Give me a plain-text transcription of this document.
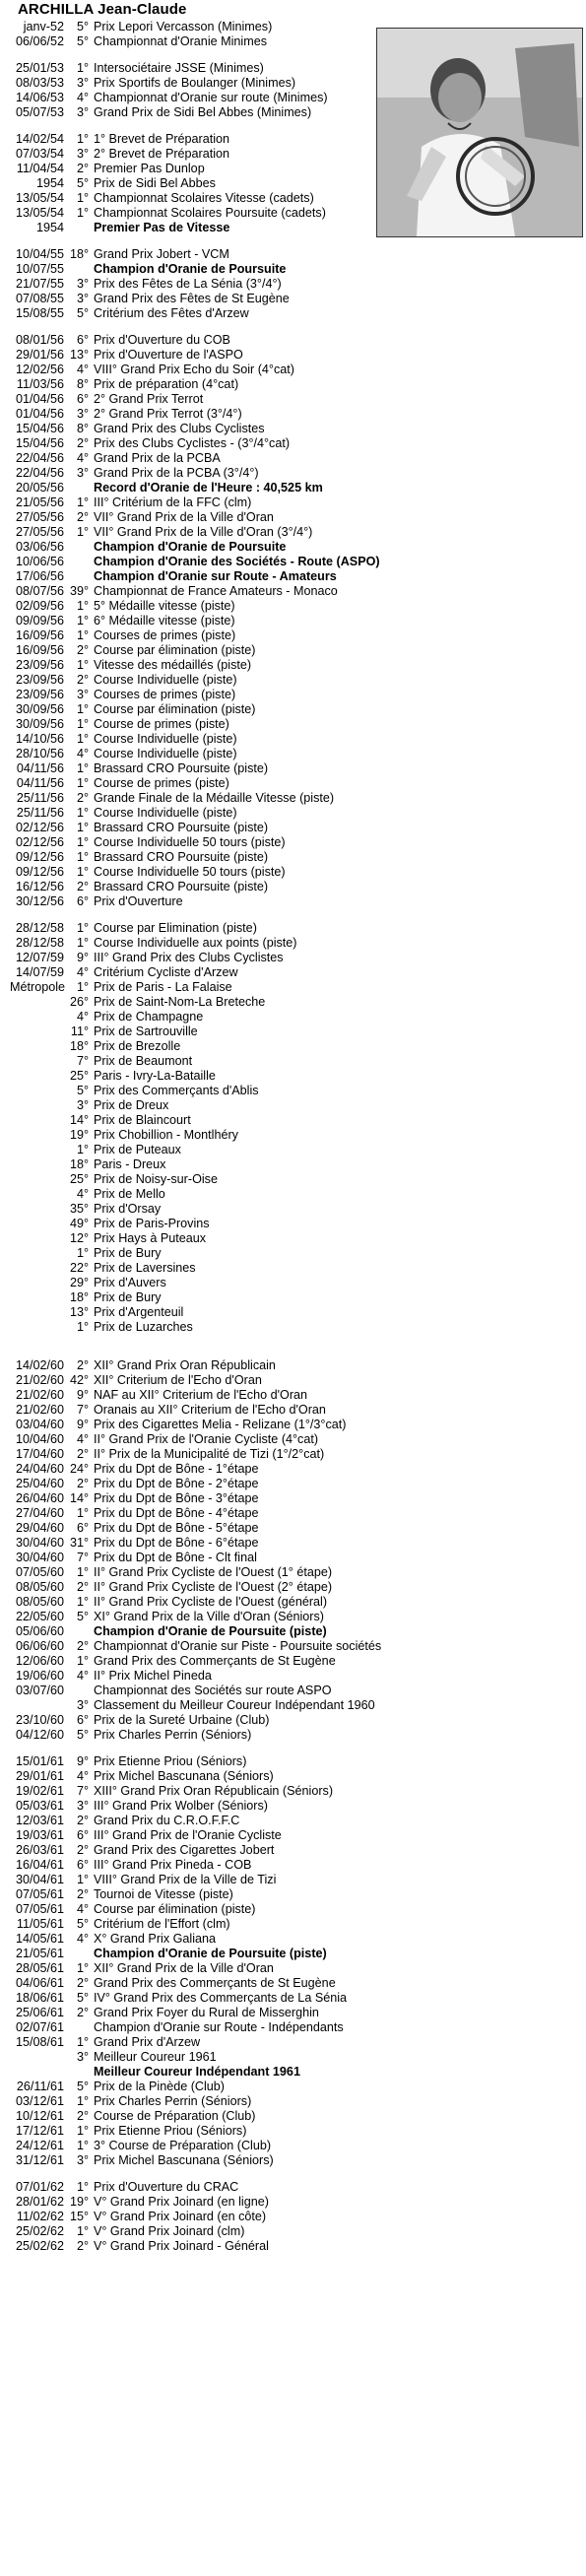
ARCHILLA Jean-Claude
janv-52	5° Prix Lepori Vercasson (Minimes)
06/06/52	5° Championnat d'Oranie Minimes
25/01/53	1° Intersociétaire JSSE (Minimes)
08/03/53	3° Prix Sportifs de Boulanger (Minimes)
14/06/53	4° Championnat d'Oranie sur route (Minimes)
05/07/53	3° Grand Prix de Sidi Bel Abbes (Minimes)
14/02/54	1° 1° Brevet de Préparation
07/03/54	3° 2° Brevet de Préparation
11/04/54	2° Premier Pas Dunlop
1954	5° Prix de Sidi Bel Abbes
13/05/54	1° Championnat Scolaires Vitesse (cadets)
13/05/54	1° Championnat Scolaires Poursuite (cadets)
1954 Premier Pas de Vitesse
10/04/55 18° Grand Prix Jobert - VCM
10/07/55 Champion d'Oranie de Poursuite
21/07/55	3° Prix des Fêtes de La Sénia (3°/4°)
07/08/55	3° Grand Prix des Fêtes de St Eugène
15/08/55	5° Critérium des Fêtes d'Arzew
08/01/56	6° Prix d'Ouverture du COB
29/01/56 13° Prix d'Ouverture de l'ASPO
12/02/56	4° VIII° Grand Prix Echo du Soir (4°cat)
11/03/56	8° Prix de préparation (4°cat)
01/04/56	6° 2° Grand Prix Terrot
01/04/56	3° 2° Grand Prix Terrot (3°/4°)
15/04/56	8° Grand Prix des Clubs Cyclistes
15/04/56	2° Prix des Clubs Cyclistes - (3°/4°cat)
22/04/56	4° Grand Prix de la PCBA
22/04/56	3° Grand Prix de la PCBA (3°/4°)
20/05/56 Record d'Oranie de l'Heure : 40,525 km
21/05/56	1° III° Critérium de la FFC (clm)
27/05/56	2° VII° Grand Prix de la Ville d'Oran
27/05/56	1° VII° Grand Prix de la Ville d'Oran (3°/4°)
03/06/56 Champion d'Oranie de Poursuite
10/06/56 Champion d'Oranie des Sociétés - Route (ASPO)
17/06/56 Champion d'Oranie sur Route - Amateurs
08/07/56 39° Championnat de France Amateurs - Monaco
02/09/56	1° 5° Médaille vitesse (piste)
09/09/56	1° 6° Médaille vitesse (piste)
16/09/56	1° Courses de primes (piste)
16/09/56	2° Course par élimination (piste)
23/09/56	1° Vitesse des médaillés (piste)
23/09/56	2° Course Individuelle (piste)
23/09/56	3° Courses de primes (piste)
30/09/56	1° Course par élimination (piste)
30/09/56	1° Course de primes (piste)
14/10/56	1° Course Individuelle (piste)
28/10/56	4° Course Individuelle (piste)
04/11/56	1° Brassard CRO Poursuite (piste)
04/11/56	1° Course de primes (piste)
25/11/56	2° Grande Finale de la Médaille Vitesse (piste)
25/11/56	1° Course Individuelle (piste)
02/12/56	1° Brassard CRO Poursuite (piste)
02/12/56	1° Course Individuelle 50 tours (piste)
09/12/56	1° Brassard CRO Poursuite (piste)
09/12/56	1° Course Individuelle 50 tours (piste)
16/12/56	2° Brassard CRO Poursuite (piste)
30/12/56	6° Prix d'Ouverture
28/12/58	1° Course par Elimination (piste)
28/12/58	1° Course Individuelle aux points (piste)
12/07/59	9° III° Grand Prix des Clubs Cyclistes
14/07/59	4° Critérium Cycliste d'Arzew
Métropole 1° Prix de Paris - La Falaise
26° Prix de Saint-Nom-La Breteche
4° Prix de Champagne
11° Prix de Sartrouville
18° Prix de Brezolle
7° Prix de Beaumont
25° Paris - Ivry-La-Bataille
5° Prix des Commerçants d'Ablis
3° Prix de Dreux
14° Prix de Blaincourt
19° Prix Chobillion - Montlhéry
1° Prix de Puteaux
18° Paris - Dreux
25° Prix de Noisy-sur-Oise
4° Prix de Mello
35° Prix d'Orsay
49° Prix de Paris-Provins
12° Prix Hays à Puteaux
1° Prix de Bury
22° Prix de Laversines
29° Prix d'Auvers
18° Prix de Bury
13° Prix d'Argenteuil
1° Prix de Luzarches
14/02/60	2° XII° Grand Prix Oran Républicain
21/02/60 42° XII° Criterium de l'Echo d'Oran
21/02/60	9° NAF au XII° Criterium de l'Echo d'Oran
21/02/60	7° Oranais au XII° Criterium de l'Echo d'Oran
03/04/60	9° Prix des Cigarettes Melia - Relizane (1°/3°cat)
10/04/60	4° II° Grand Prix de l'Oranie Cycliste (4°cat)
17/04/60	2° II° Prix de la Municipalité de Tizi (1°/2°cat)
24/04/60 24° Prix du Dpt de Bône - 1°étape
25/04/60	2° Prix du Dpt de Bône - 2°étape
26/04/60 14° Prix du Dpt de Bône - 3°étape
27/04/60	1° Prix du Dpt de Bône - 4°étape
29/04/60	6° Prix du Dpt de Bône - 5°étape
30/04/60 31° Prix du Dpt de Bône - 6°étape
30/04/60	7° Prix du Dpt de Bône - Clt final
07/05/60	1° II° Grand Prix Cycliste de l'Ouest (1° étape)
08/05/60	2° II° Grand Prix Cycliste de l'Ouest (2° étape)
08/05/60	1° II° Grand Prix Cycliste de l'Ouest (général)
22/05/60	5° XI° Grand Prix de la Ville d'Oran (Séniors)
05/06/60 Champion d'Oranie de Poursuite (piste)
06/06/60	2° Championnat d'Oranie sur Piste - Poursuite sociétés
12/06/60	1° Grand Prix des Commerçants de St Eugène
19/06/60	4° II° Prix Michel Pineda
03/07/60 Championnat des Sociétés sur route ASPO
3° Classement du Meilleur Coureur Indépendant 1960
23/10/60	6° Prix de la Sureté Urbaine (Club)
04/12/60	5° Prix Charles Perrin (Séniors)
15/01/61	9° Prix Etienne Priou (Séniors)
29/01/61	4° Prix Michel Bascunana (Séniors)
19/02/61	7° XIII° Grand Prix Oran Républicain (Séniors)
05/03/61	3° III° Grand Prix Wolber (Séniors)
12/03/61	2° Grand Prix du C.R.O.F.F.C
19/03/61	6° III° Grand Prix de l'Oranie Cycliste
26/03/61	2° Grand Prix des Cigarettes Jobert
16/04/61	6° III° Grand Prix Pineda - COB
30/04/61	1° VIII° Grand Prix de la Ville de Tizi
07/05/61	2° Tournoi de Vitesse (piste)
07/05/61	4° Course par élimination (piste)
11/05/61	5° Critérium de l'Effort (clm)
14/05/61	4° X° Grand Prix Galiana
21/05/61 Champion d'Oranie de Poursuite (piste)
28/05/61	1° XII° Grand Prix de la Ville d'Oran
04/06/61	2° Grand Prix des Commerçants de St Eugène
18/06/61	5° IV° Grand Prix des Commerçants de La Sénia
25/06/61	2° Grand Prix Foyer du Rural de Misserghin
02/07/61 Champion d'Oranie sur Route - Indépendants
15/08/61	1° Grand Prix d'Arzew
3° Meilleur Coureur 1961
Meilleur Coureur Indépendant 1961
26/11/61	5° Prix de la Pinède (Club)
03/12/61	1° Prix Charles Perrin (Séniors)
10/12/61	2° Course de Préparation (Club)
17/12/61	1° Prix Etienne Priou (Séniors)
24/12/61	1° 3° Course de Préparation (Club)
31/12/61	3° Prix Michel Bascunana (Séniors)
07/01/62	1° Prix d'Ouverture du CRAC
28/01/62 19° V° Grand Prix Joinard (en ligne)
11/02/62 15° V° Grand Prix Joinard (en côte)
25/02/62	1° V° Grand Prix Joinard (clm)
25/02/62	2° V° Grand Prix Joinard - Général
